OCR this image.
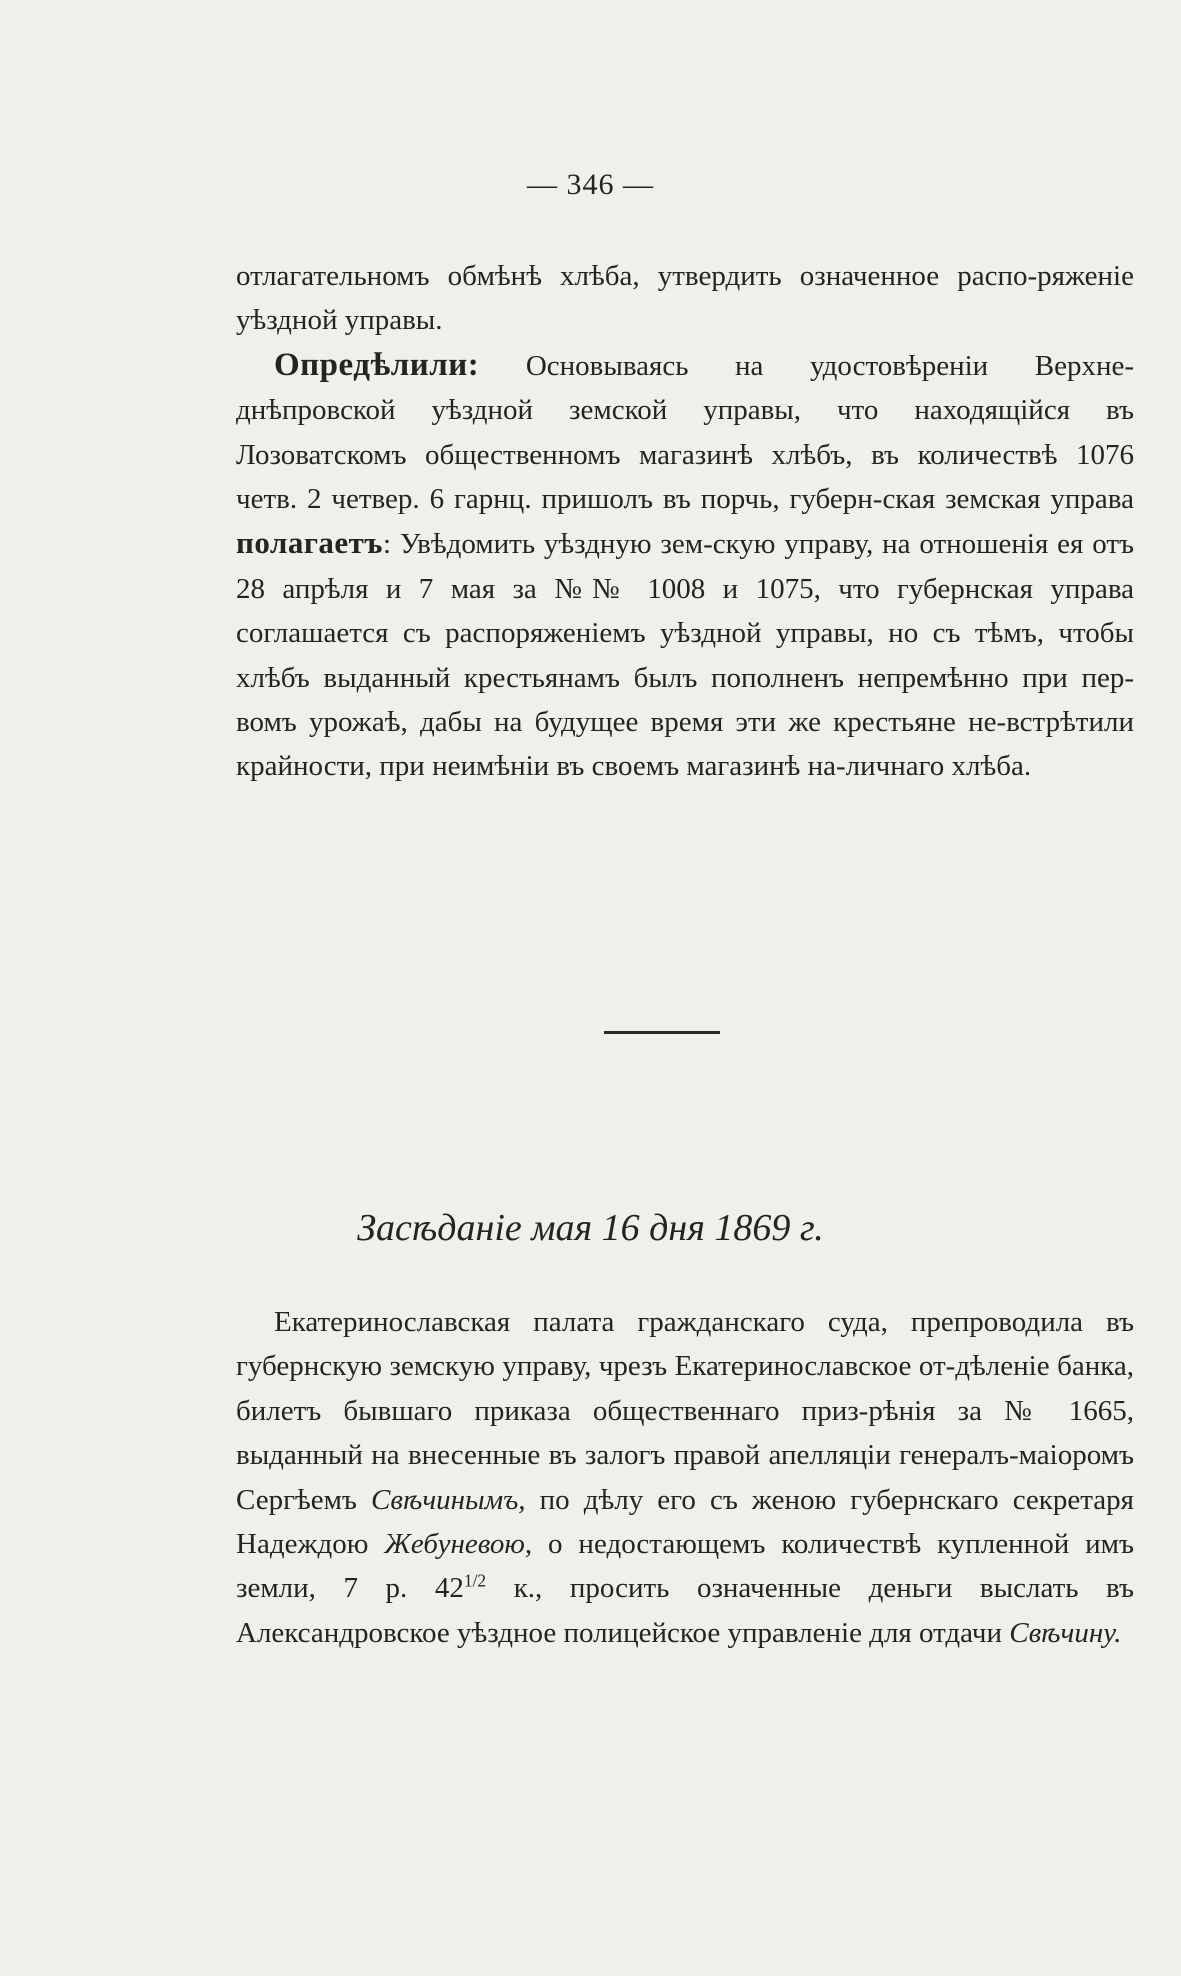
— 346 —

отлагательномъ обмѣнѣ хлѣба, утвердить означенное распо-ряженіе уѣздной управы.

Опредѣлили: Основываясь на удостовѣреніи Верхне-днѣпровской уѣздной земской управы, что находящійся въ Лозоватскомъ общественномъ магазинѣ хлѣбъ, въ количествѣ 1076 четв. 2 четвер. 6 гарнц. пришолъ въ порчь, губерн-ская земская управа полагаетъ: Увѣдомить уѣздную зем-скую управу, на отношенія ея отъ 28 апрѣля и 7 мая за №№ 1008 и 1075, что губернская управа соглашается съ распоряженіемъ уѣздной управы, но съ тѣмъ, чтобы хлѣбъ выданный крестьянамъ былъ пополненъ непремѣнно при пер-вомъ урожаѣ, дабы на будущее время эти же крестьяне не-встрѣтили крайности, при неимѣніи въ своемъ магазинѣ на-личнаго хлѣба.

Засѣданіе мая 16 дня 1869 г.

Екатеринославская палата гражданскаго суда, препроводила въ губернскую земскую управу, чрезъ Екатеринославское от-дѣленіе банка, билетъ бывшаго приказа общественнаго приз-рѣнія за № 1665, выданный на внесенные въ залогъ правой апелляціи генералъ-маіоромъ Сергѣемъ Свѣчинымъ, по дѣлу его съ женою губернскаго секретаря Надеждою Жебуневою, о недостающемъ количествѣ купленной имъ земли, 7 р. $42^{1/2}$ к., просить означенные деньги выслать въ Александровское уѣздное полицейское управленіе для отдачи Свѣчину.
